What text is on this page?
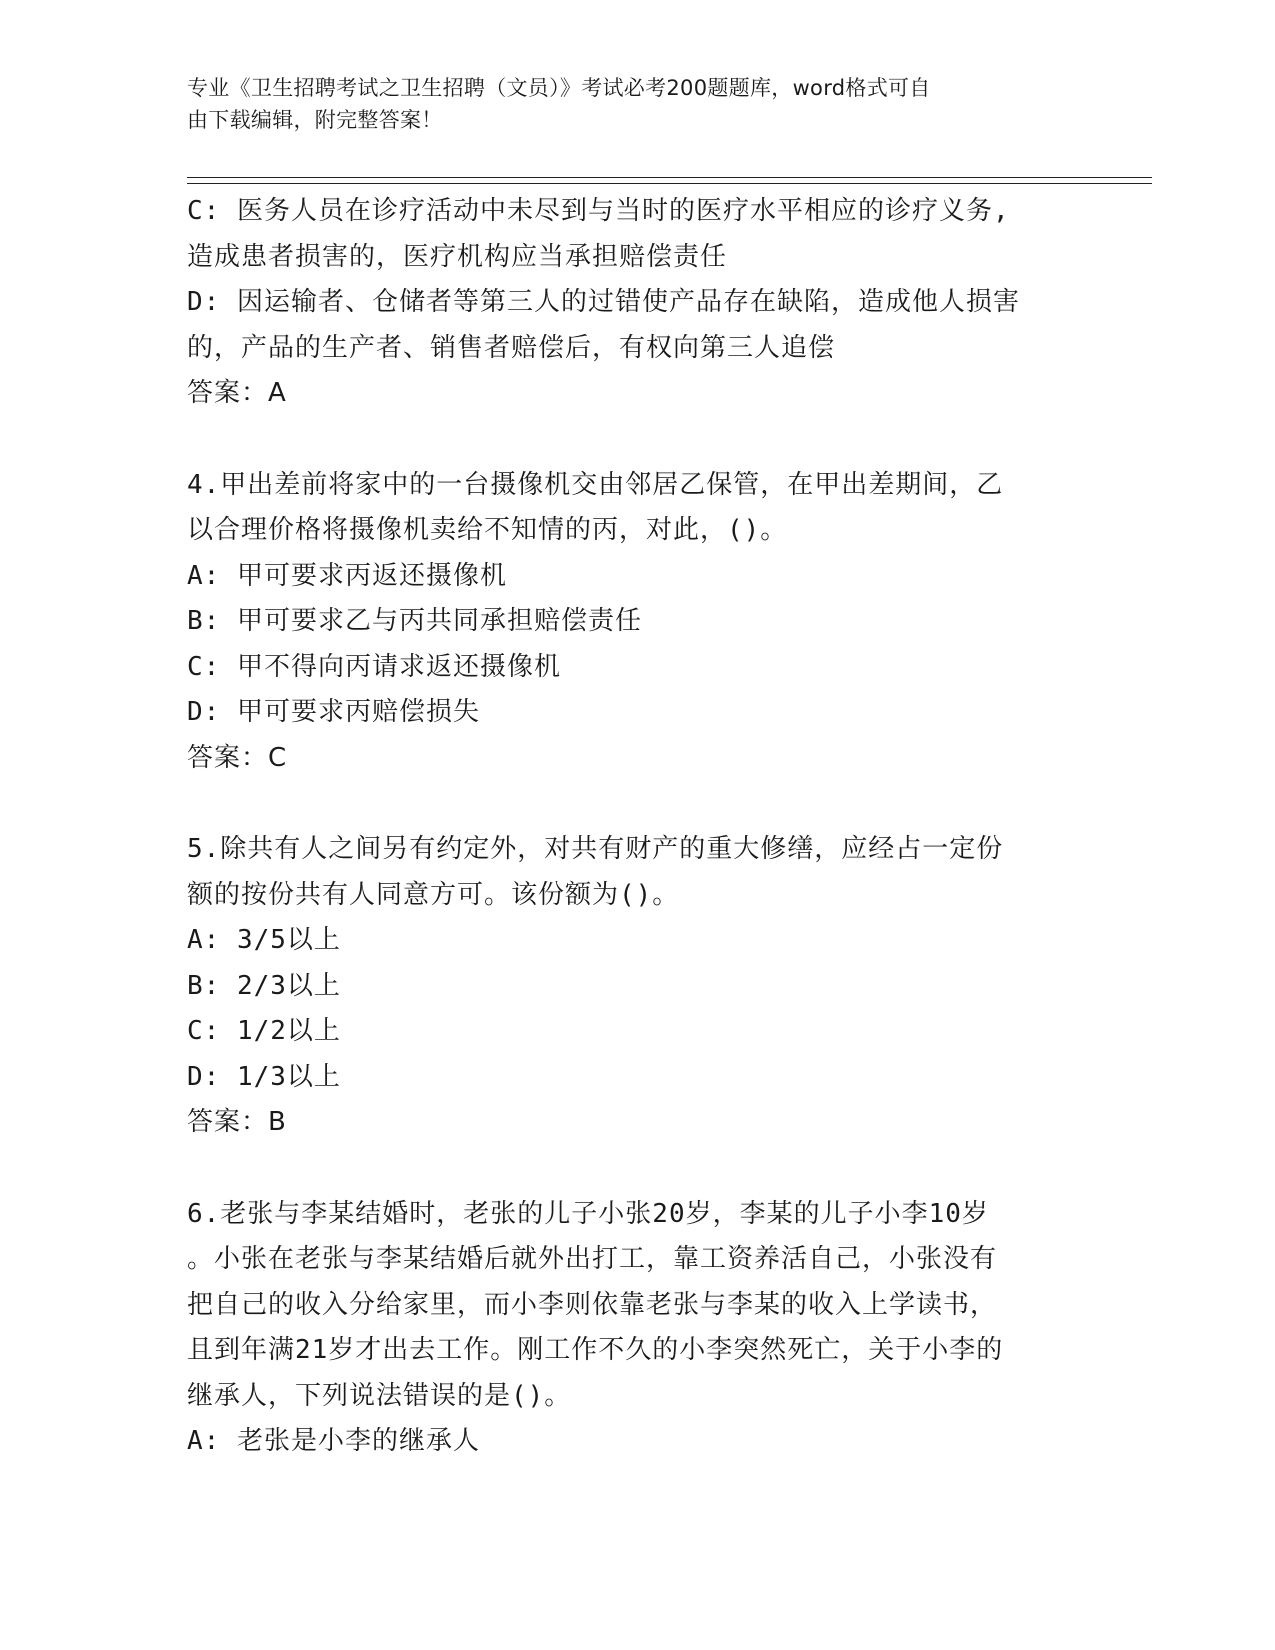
专业《卫生招聘考试之卫生招聘（文员）》考试必考200题题库，word格式可自
由下载编辑，附完整答案！
C: 医务人员在诊疗活动中未尽到与当时的医疗水平相应的诊疗义务,
造成患者损害的，医疗机构应当承担赔偿责任
D: 因运输者、仓储者等第三人的过错使产品存在缺陷，造成他人损害
的，产品的生产者、销售者赔偿后，有权向第三人追偿
答案：A
4.甲出差前将家中的一台摄像机交由邻居乙保管，在甲出差期间，乙
以合理价格将摄像机卖给不知情的丙，对此，()。
A: 甲可要求丙返还摄像机
B: 甲可要求乙与丙共同承担赔偿责任
C: 甲不得向丙请求返还摄像机
D: 甲可要求丙赔偿损失
答案：C
5.除共有人之间另有约定外，对共有财产的重大修缮，应经占一定份
额的按份共有人同意方可。该份额为()。
A: 3/5以上
B: 2/3以上
C: 1/2以上
D: 1/3以上
答案：B
6.老张与李某结婚时，老张的儿子小张20岁，李某的儿子小李10岁
。小张在老张与李某结婚后就外出打工，靠工资养活自己，小张没有
把自己的收入分给家里，而小李则依靠老张与李某的收入上学读书，
且到年满21岁才出去工作。刚工作不久的小李突然死亡，关于小李的
继承人，下列说法错误的是()。
A: 老张是小李的继承人
